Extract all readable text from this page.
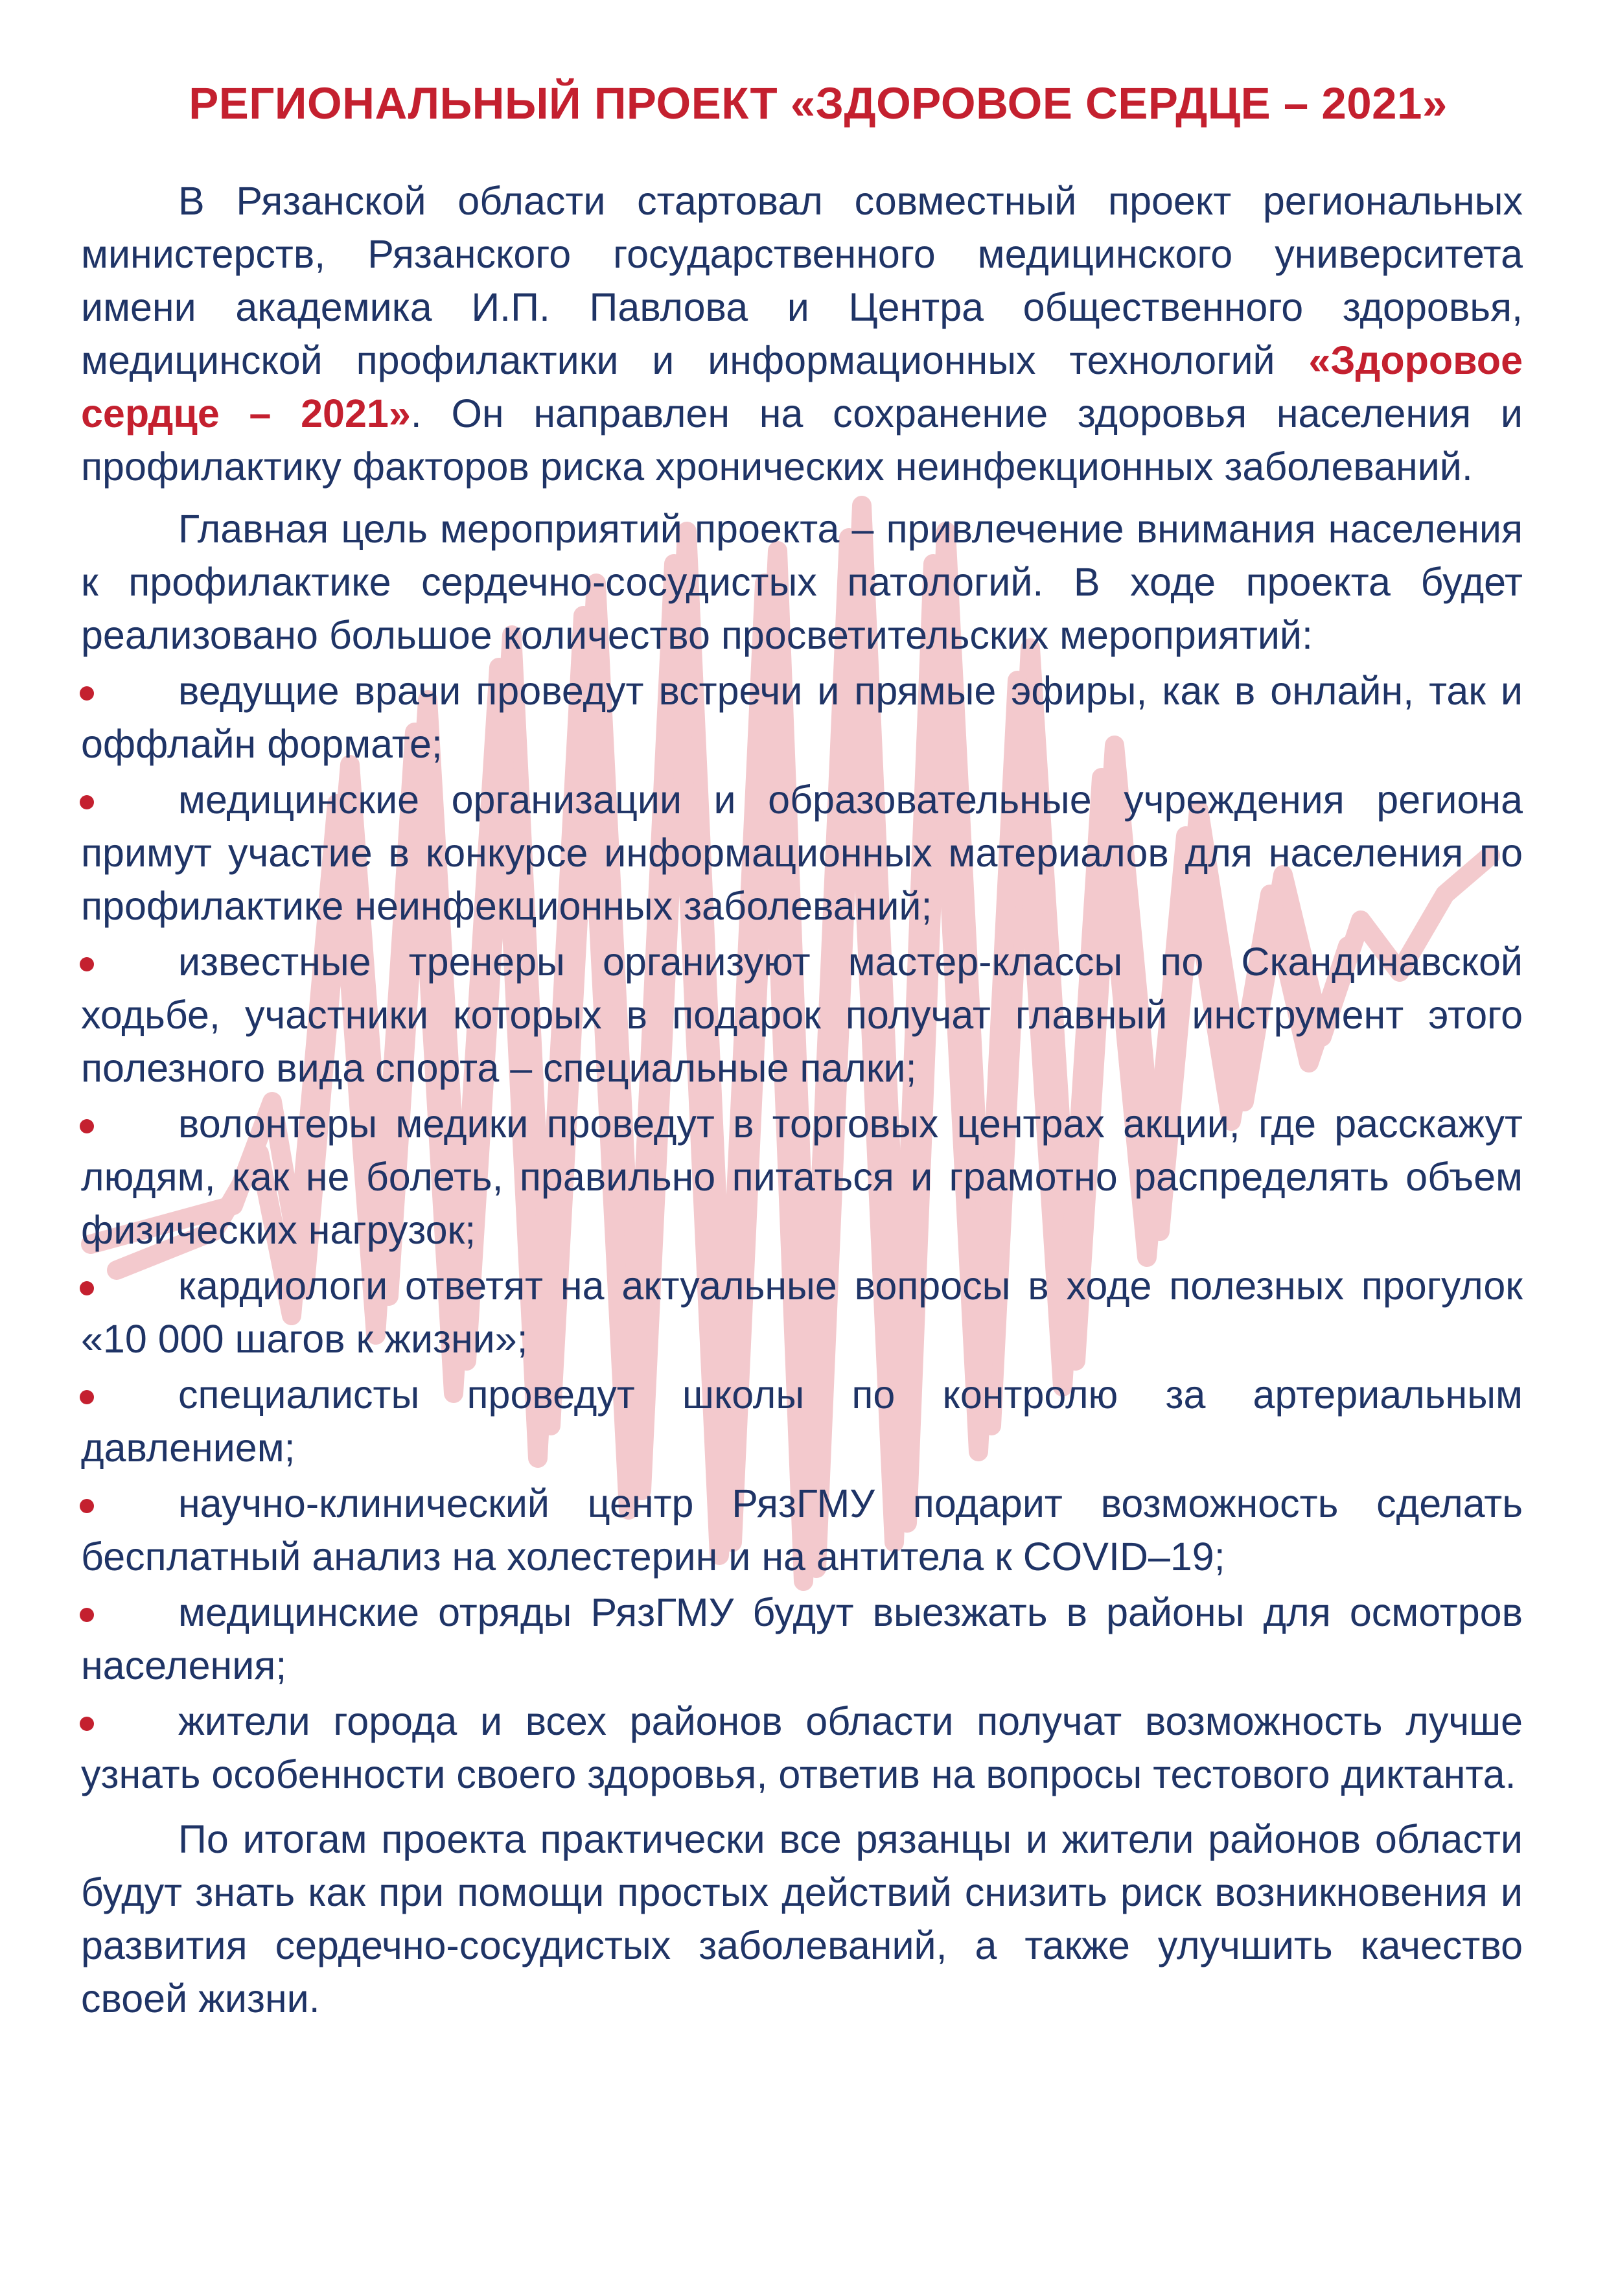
РЕГИОНАЛЬНЫЙ ПРОЕКТ «ЗДОРОВОЕ СЕРДЦЕ – 2021»

В Рязанской области стартовал совместный проект региональных министерств, Рязанского государственного медицинского университета имени академика И.П. Павлова и Центра общественного здоровья, медицинской профилактики и информационных технологий «Здоровое сердце – 2021». Он направлен на сохранение здоровья населения и профилактику факторов риска хронических неинфекционных заболеваний.

Главная цель мероприятий проекта – привлечение внимания населения к профилактике сердечно-сосудистых патологий. В ходе проекта будет реализовано большое количество просветительских мероприятий:

ведущие врачи проведут встречи и прямые эфиры, как в онлайн, так и оффлайн формате;
медицинские организации и образовательные учреждения региона примут участие в конкурсе информационных материалов для населения по профилактике неинфекционных заболеваний;
известные тренеры организуют мастер-классы по Скандинавской ходьбе, участники которых в подарок получат главный инструмент этого полезного вида спорта – специальные палки;
волонтеры медики проведут в торговых центрах акции, где расскажут людям, как не болеть, правильно питаться и грамотно распределять объем физических нагрузок;
кардиологи ответят на актуальные вопросы в ходе полезных прогулок «10 000 шагов к жизни»;
специалисты проведут школы по контролю за артериальным давлением;
научно-клинический центр РязГМУ подарит возможность сделать бесплатный анализ на холестерин и на антитела к COVID–19;
медицинские отряды РязГМУ будут выезжать в районы для осмотров населения;
жители города и всех районов области получат возможность лучше узнать особенности своего здоровья, ответив на вопросы тестового диктанта.

По итогам проекта практически все рязанцы и жители районов области будут знать как при помощи простых действий снизить риск возникновения и развития сердечно-сосудистых заболеваний, а также улучшить качество своей жизни.
